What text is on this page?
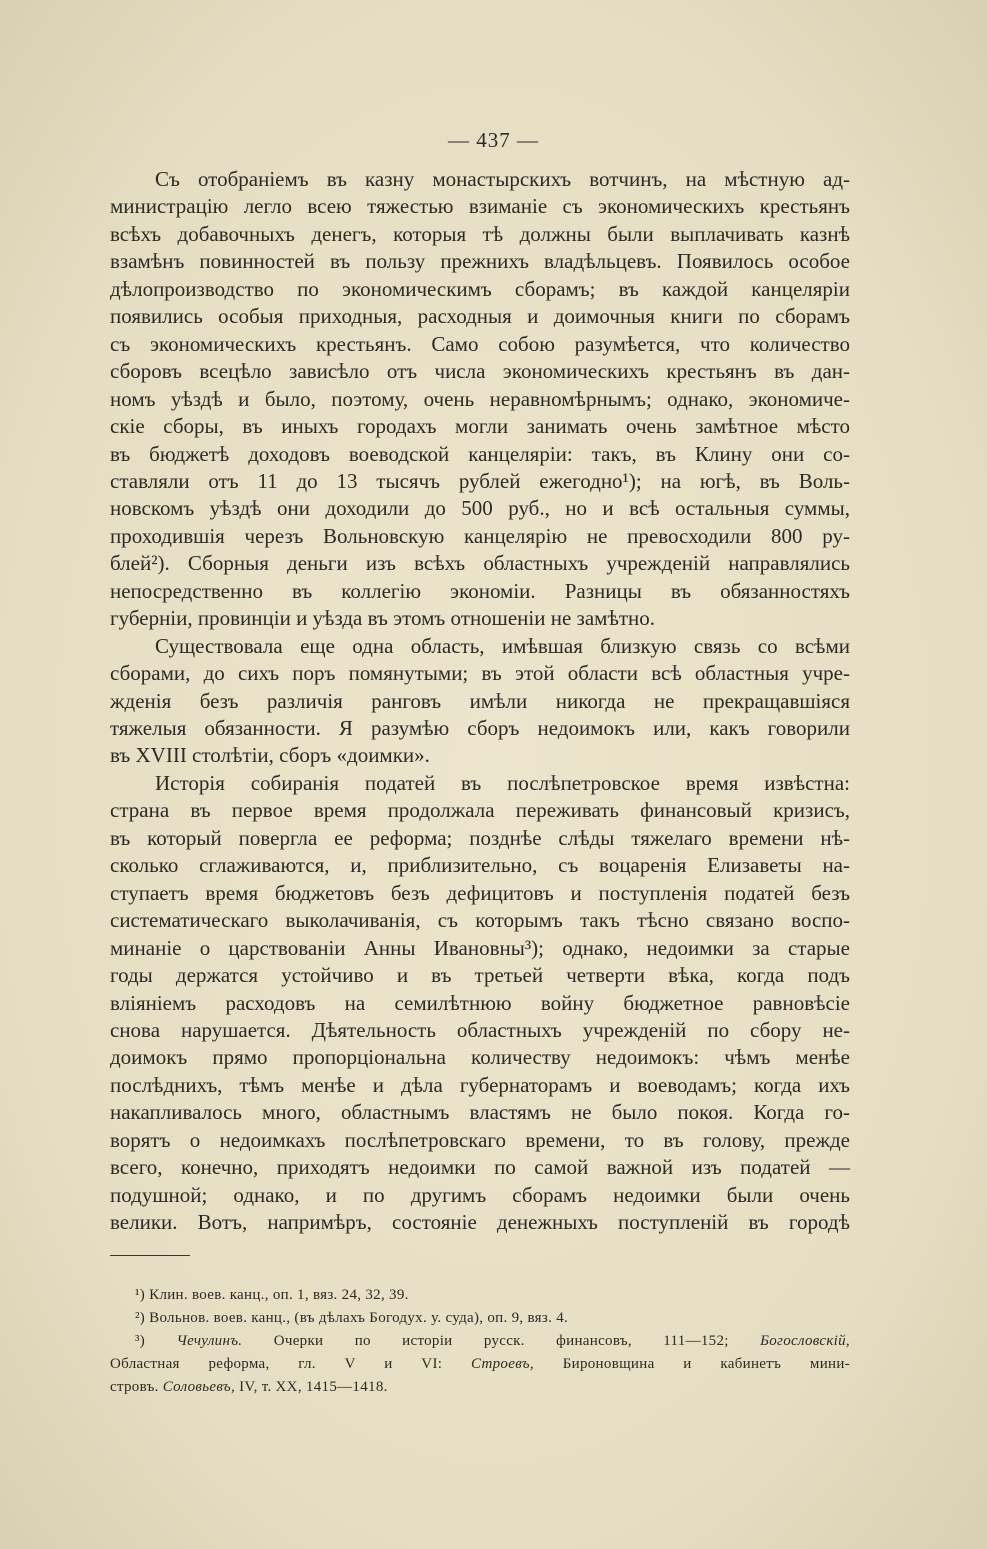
— 437 —
Съ отобраніемъ въ казну монастырскихъ вотчинъ, на мѣстную ад-
министрацію легло всею тяжестью взиманіе съ экономическихъ крестьянъ
всѣхъ добавочныхъ денегъ, которыя тѣ должны были выплачивать казнѣ
взамѣнъ повинностей въ пользу прежнихъ владѣльцевъ. Появилось особое
дѣлопроизводство по экономическимъ сборамъ; въ каждой канцеляріи
появились особыя приходныя, расходныя и доимочныя книги по сборамъ
съ экономическихъ крестьянъ. Само собою разумѣется, что количество
сборовъ всецѣло зависѣло отъ числа экономическихъ крестьянъ въ дан-
номъ уѣздѣ и было, поэтому, очень неравномѣрнымъ; однако, экономиче-
скіе сборы, въ иныхъ городахъ могли занимать очень замѣтное мѣсто
въ бюджетѣ доходовъ воеводской канцеляріи: такъ, въ Клину они со-
ставляли отъ 11 до 13 тысячъ рублей ежегодно¹); на югѣ, въ Воль-
новскомъ уѣздѣ они доходили до 500 руб., но и всѣ остальныя суммы,
проходившія черезъ Вольновскую канцелярію не превосходили 800 ру-
блей²). Сборныя деньги изъ всѣхъ областныхъ учрежденій направлялись
непосредственно въ коллегію экономіи. Разницы въ обязанностяхъ
губерніи, провинціи и уѣзда въ этомъ отношеніи не замѣтно.
Существовала еще одна область, имѣвшая близкую связь со всѣми
сборами, до сихъ поръ помянутыми; въ этой области всѣ областныя учре-
жденія безъ различія ранговъ имѣли никогда не прекращавшіяся
тяжелыя обязанности. Я разумѣю сборъ недоимокъ или, какъ говорили
въ XVIII столѣтіи, сборъ «доимки».
Исторія собиранія податей въ послѣпетровское время извѣстна:
страна въ первое время продолжала переживать финансовый кризисъ,
въ который повергла ее реформа; позднѣе слѣды тяжелаго времени нѣ-
сколько сглаживаются, и, приблизительно, съ воцаренія Елизаветы на-
ступаетъ время бюджетовъ безъ дефицитовъ и поступленія податей безъ
систематическаго выколачиванія, съ которымъ такъ тѣсно связано воспо-
минаніе о царствованіи Анны Ивановны³); однако, недоимки за старые
годы держатся устойчиво и въ третьей четверти вѣка, когда подъ
вліяніемъ расходовъ на семилѣтнюю войну бюджетное равновѣсіе
снова нарушается. Дѣятельность областныхъ учрежденій по сбору не-
доимокъ прямо пропорціональна количеству недоимокъ: чѣмъ менѣе
послѣднихъ, тѣмъ менѣе и дѣла губернаторамъ и воеводамъ; когда ихъ
накапливалось много, областнымъ властямъ не было покоя. Когда го-
ворятъ о недоимкахъ послѣпетровскаго времени, то въ голову, прежде
всего, конечно, приходятъ недоимки по самой важной изъ податей —
подушной; однако, и по другимъ сборамъ недоимки были очень
велики. Вотъ, напримѣръ, состояніе денежныхъ поступленій въ городѣ
¹) Клин. воев. канц., оп. 1, вяз. 24, 32, 39.
²) Вольнов. воев. канц., (въ дѣлахъ Богодух. у. суда), оп. 9, вяз. 4.
³) Чечулинъ. Очерки по исторіи русск. финансовъ, 111—152; Богословскій,
Областная реформа, гл. V и VI: Строевъ, Бироновщина и кабинетъ мини-
стровъ. Соловьевъ, IV, т. XX, 1415—1418.
